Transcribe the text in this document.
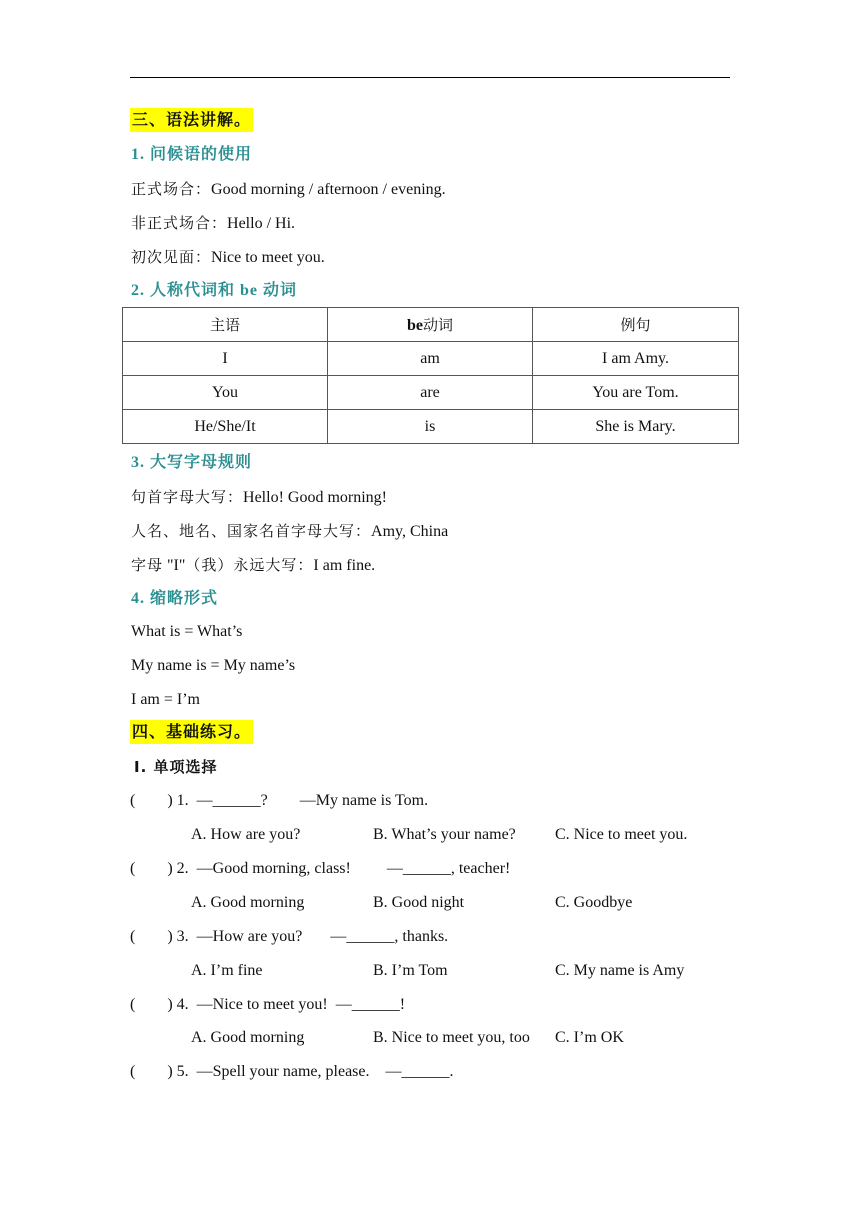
三、语法讲解。
1. 问候语的使用
正式场合：Good morning / afternoon / evening.
非正式场合：Hello / Hi.
初次见面：Nice to meet you.
2. 人称代词和 be 动词
主语	be动词	例句
I	am	I am Amy.
You	are	You are Tom.
He/She/It	is	She is Mary.
3. 大写字母规则
句首字母大写：Hello! Good morning!
人名、地名、国家名首字母大写：Amy, China
字母 "I"（我）永远大写：I am fine.
4. 缩略形式
What is = What’s
My name is = My name’s
I am = I’m
四、基础练习。
Ⅰ. 单项选择
(        ) 1. —______? —My name is Tom.
A. How are you?	B. What’s your name? C. Nice to meet you.
(        ) 2. —Good morning, class! —______, teacher!
A. Good morning	B. Good night	C. Goodbye
(        ) 3. —How are you? —______, thanks.
A. I’m fine	B. I’m Tom	C. My name is Amy
(        ) 4. —Nice to meet you! —______!
A. Good morning	B. Nice to meet you, too C. I’m OK
(        ) 5. —Spell your name, please. —______.
